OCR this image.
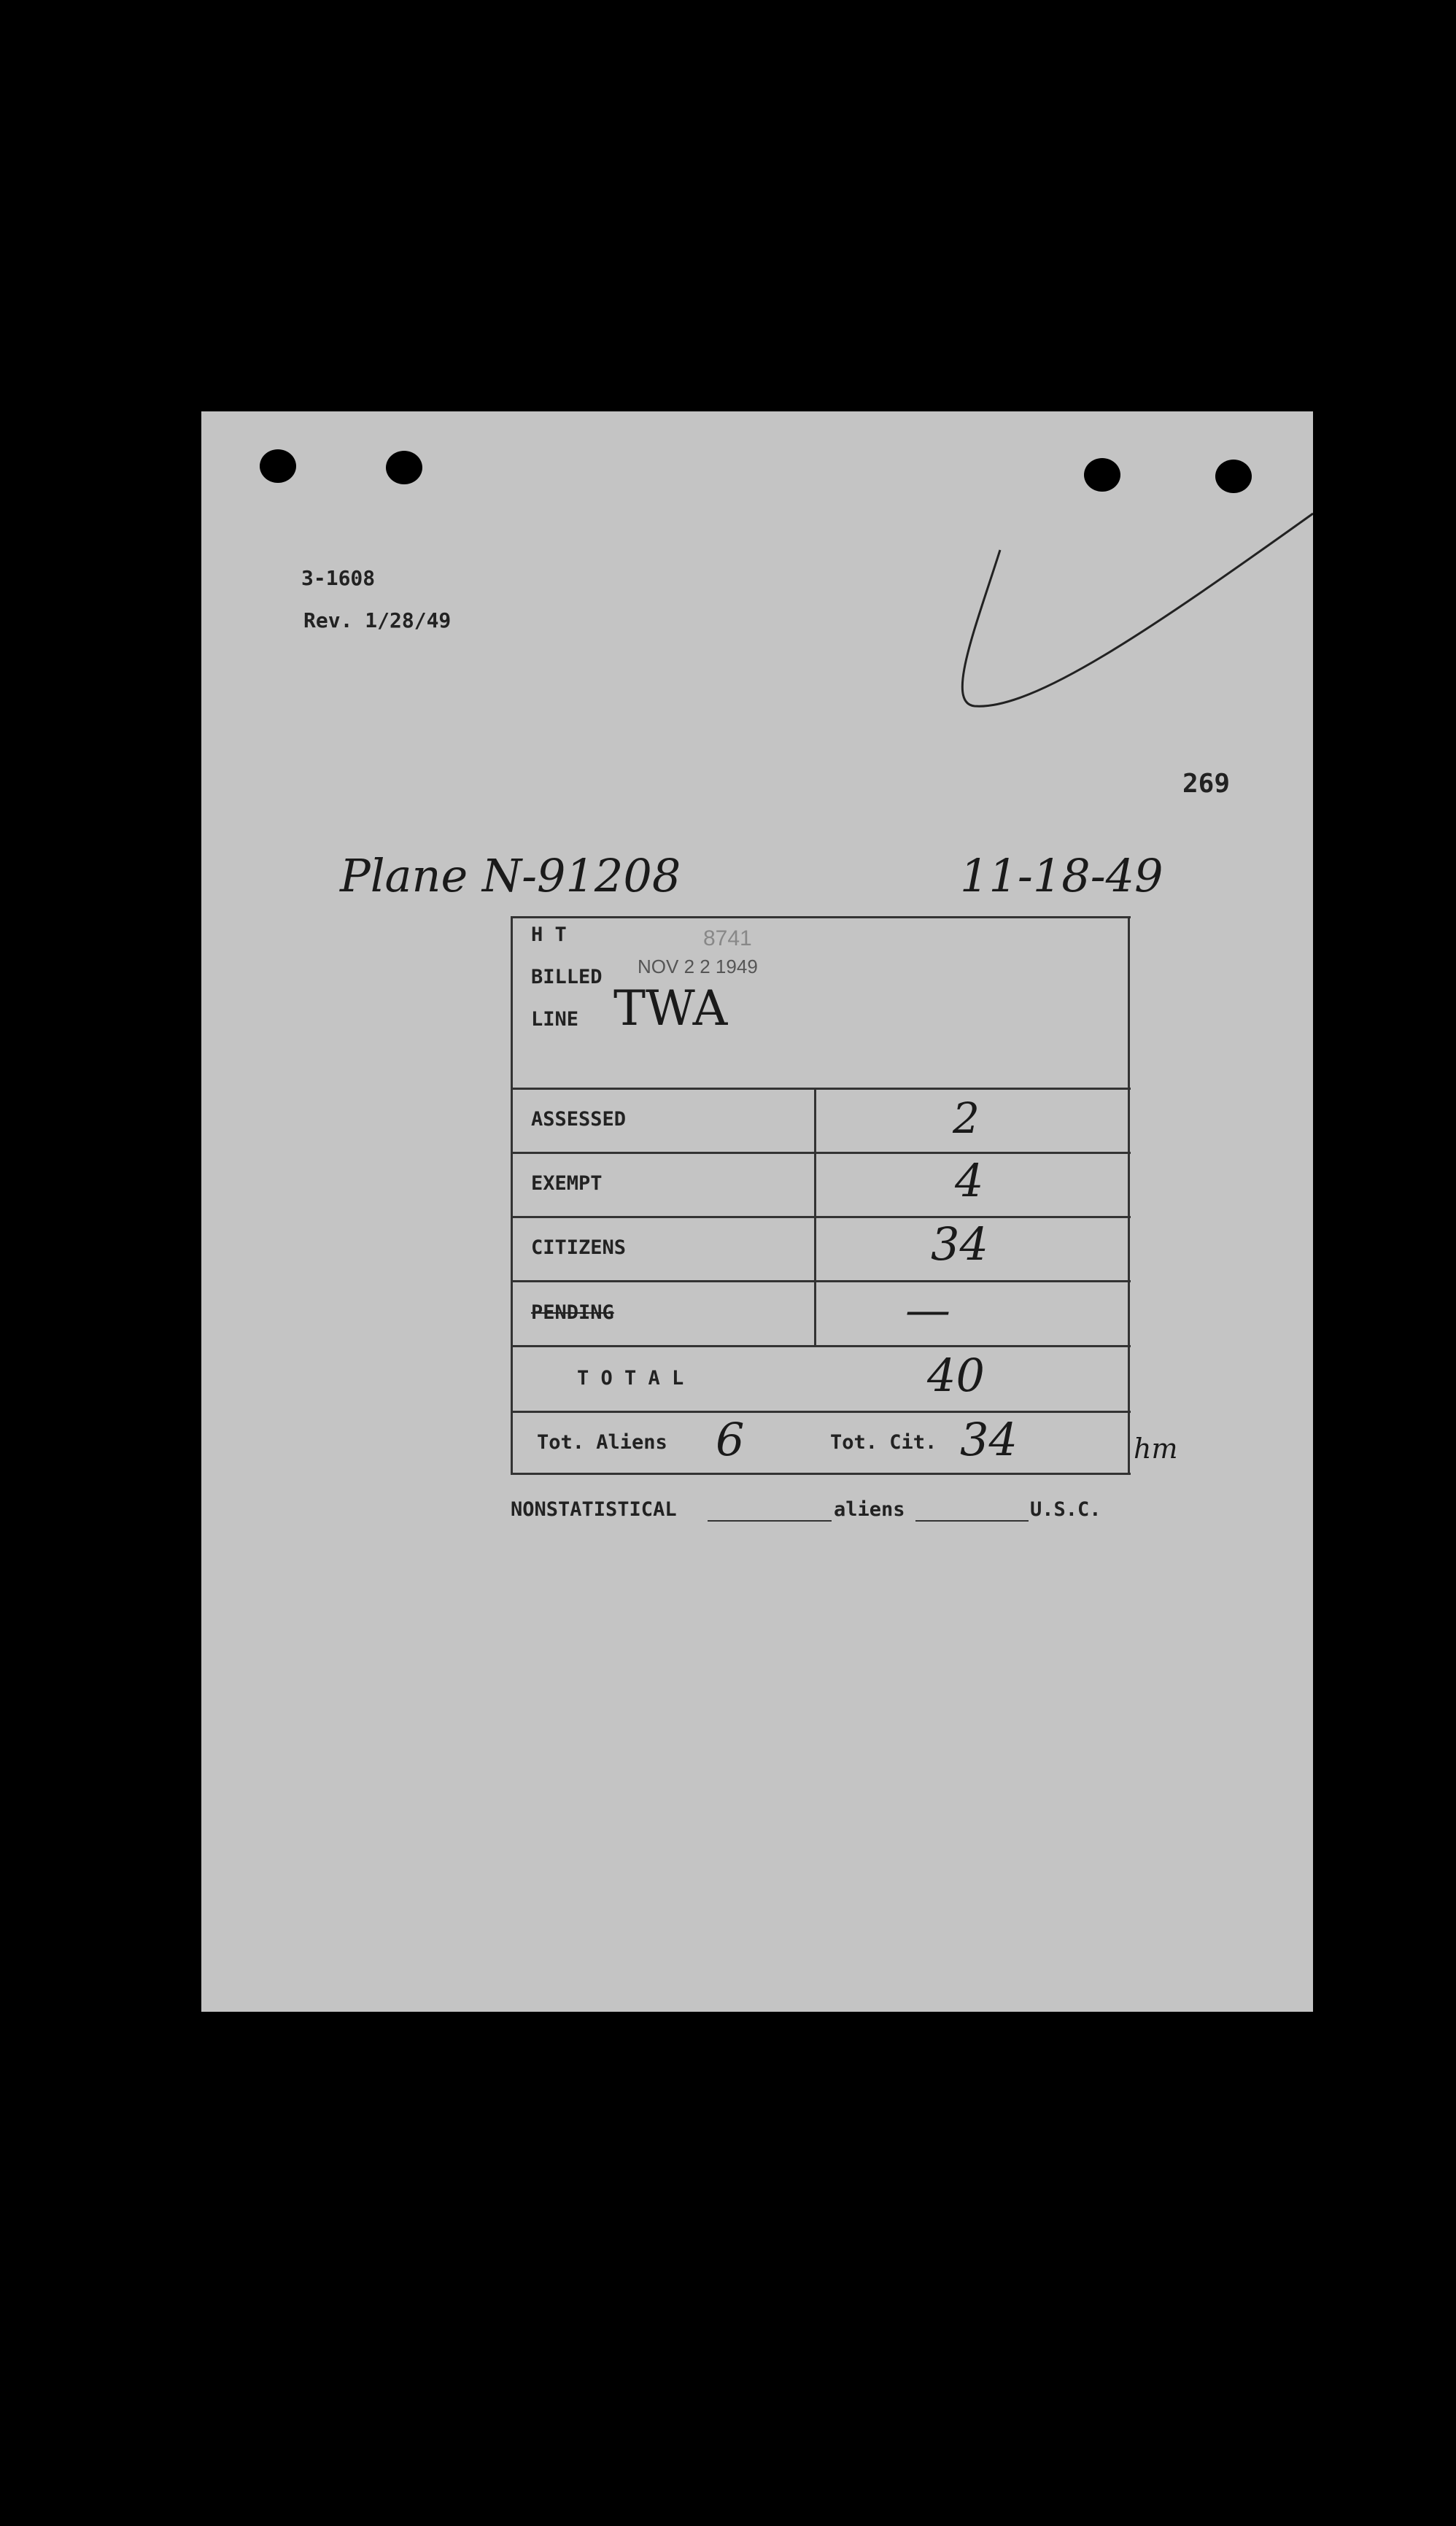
3-1608
Rev. 1/28/49
269
Plane N-91208	11-18-49
H T
BILLED
LINE
8741
NOV 2 2 1949
TWA
ASSESSED	2
EXEMPT	4
CITIZENS	34
PENDING	—
T O T A L	40
Tot. Aliens 6	Tot. Cit. 34	hm
NONSTATISTICAL	aliens	U.S.C.
